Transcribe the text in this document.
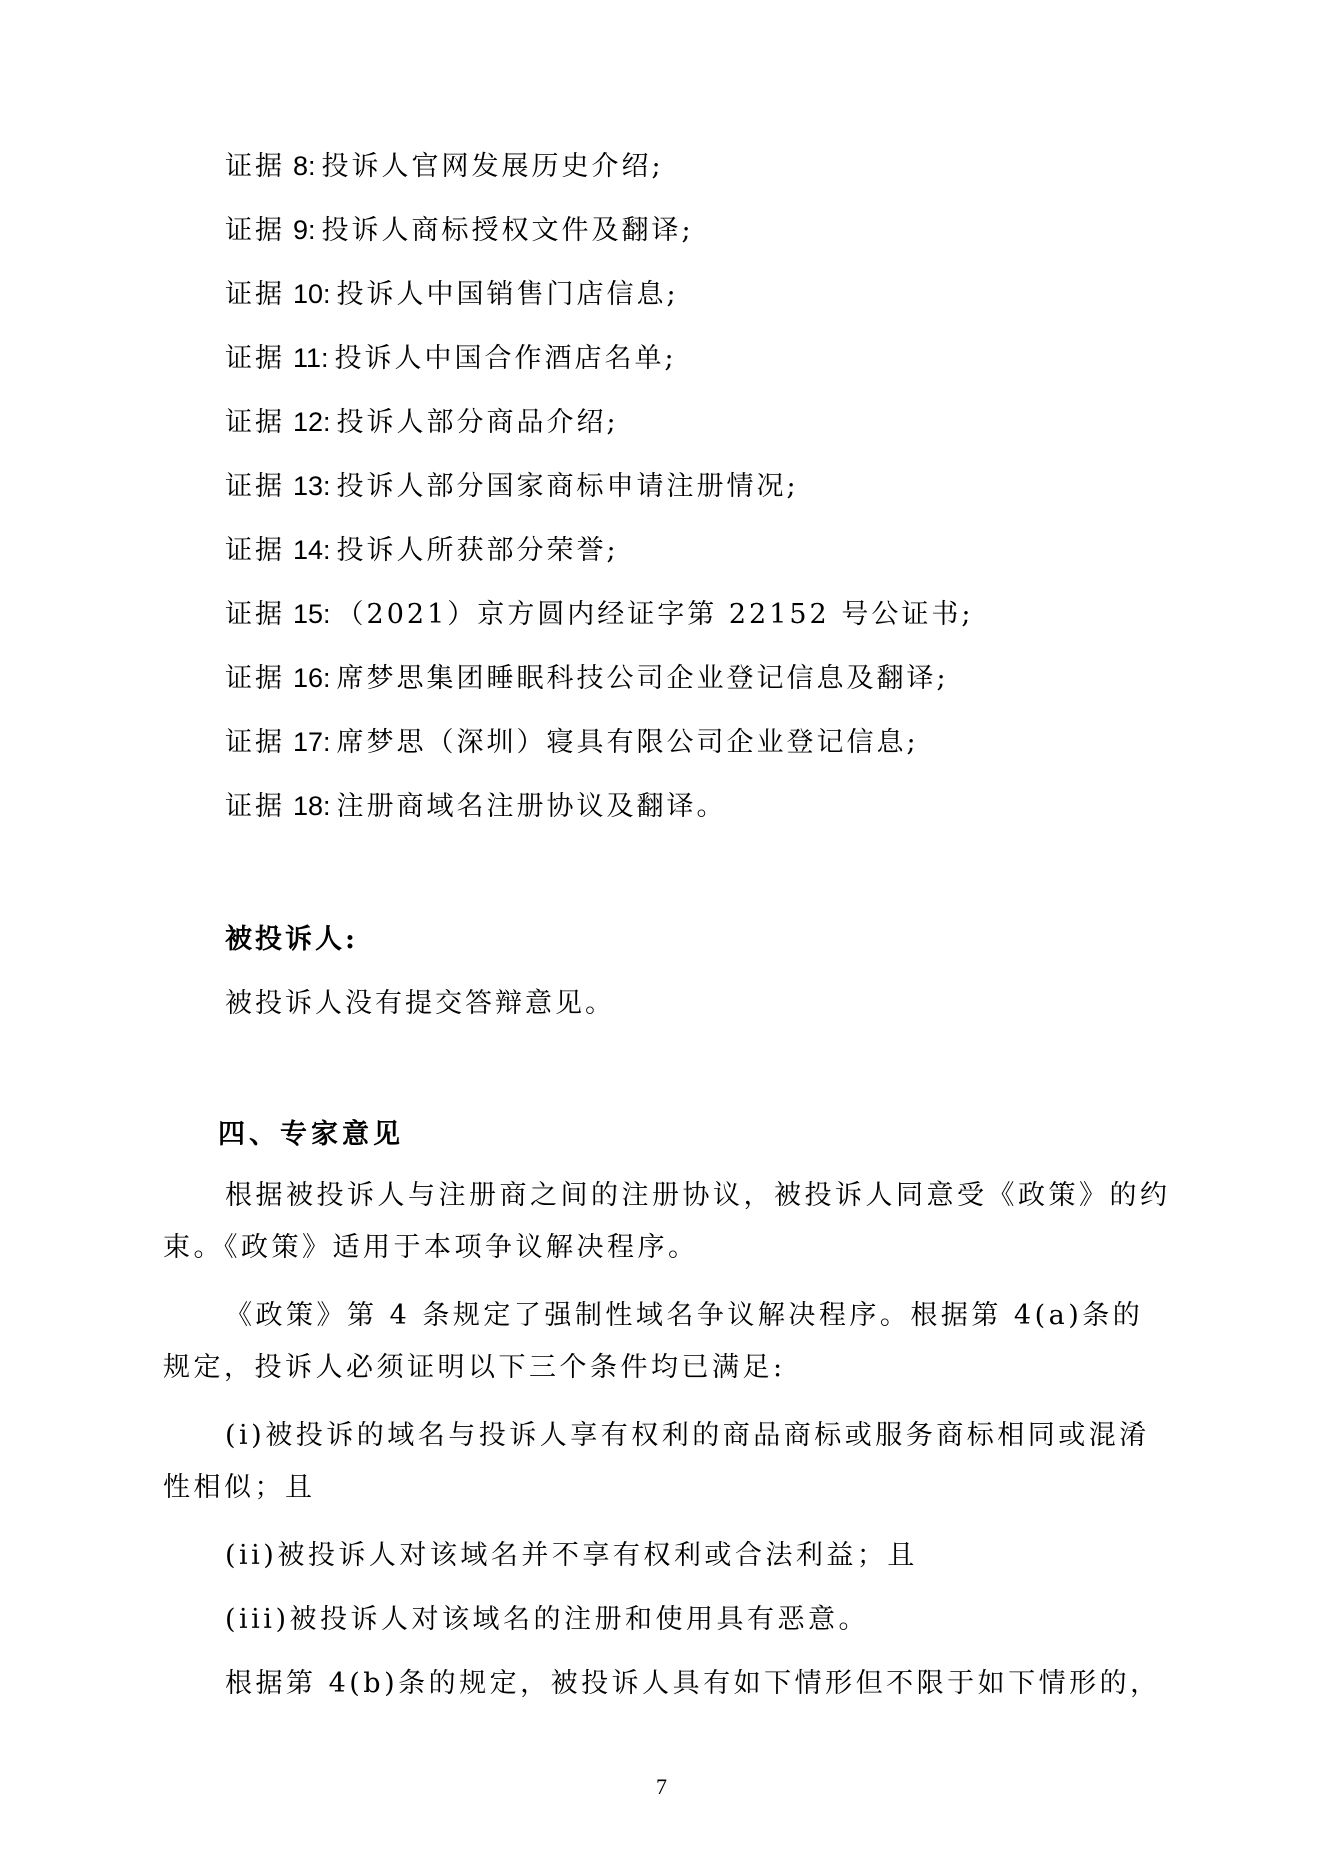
证据 8: 投诉人官网发展历史介绍;
证据 9: 投诉人商标授权文件及翻译;
证据 10: 投诉人中国销售门店信息;
证据 11: 投诉人中国合作酒店名单;
证据 12: 投诉人部分商品介绍;
证据 13: 投诉人部分国家商标申请注册情况;
证据 14: 投诉人所获部分荣誉;
证据 15: （2021）京方圆内经证字第 22152 号公证书;
证据 16: 席梦思集团睡眠科技公司企业登记信息及翻译;
证据 17: 席梦思（深圳）寝具有限公司企业登记信息;
证据 18: 注册商域名注册协议及翻译。
被投诉人:
被投诉人没有提交答辩意见。
四、专家意见
根据被投诉人与注册商之间的注册协议，被投诉人同意受《政策》的约束。《政策》适用于本项争议解决程序。
《政策》第 4 条规定了强制性域名争议解决程序。根据第 4(a)条的规定，投诉人必须证明以下三个条件均已满足:
(i)被投诉的域名与投诉人享有权利的商品商标或服务商标相同或混淆性相似；且
(ii)被投诉人对该域名并不享有权利或合法利益；且
(iii)被投诉人对该域名的注册和使用具有恶意。
根据第 4(b)条的规定，被投诉人具有如下情形但不限于如下情形的，
7
